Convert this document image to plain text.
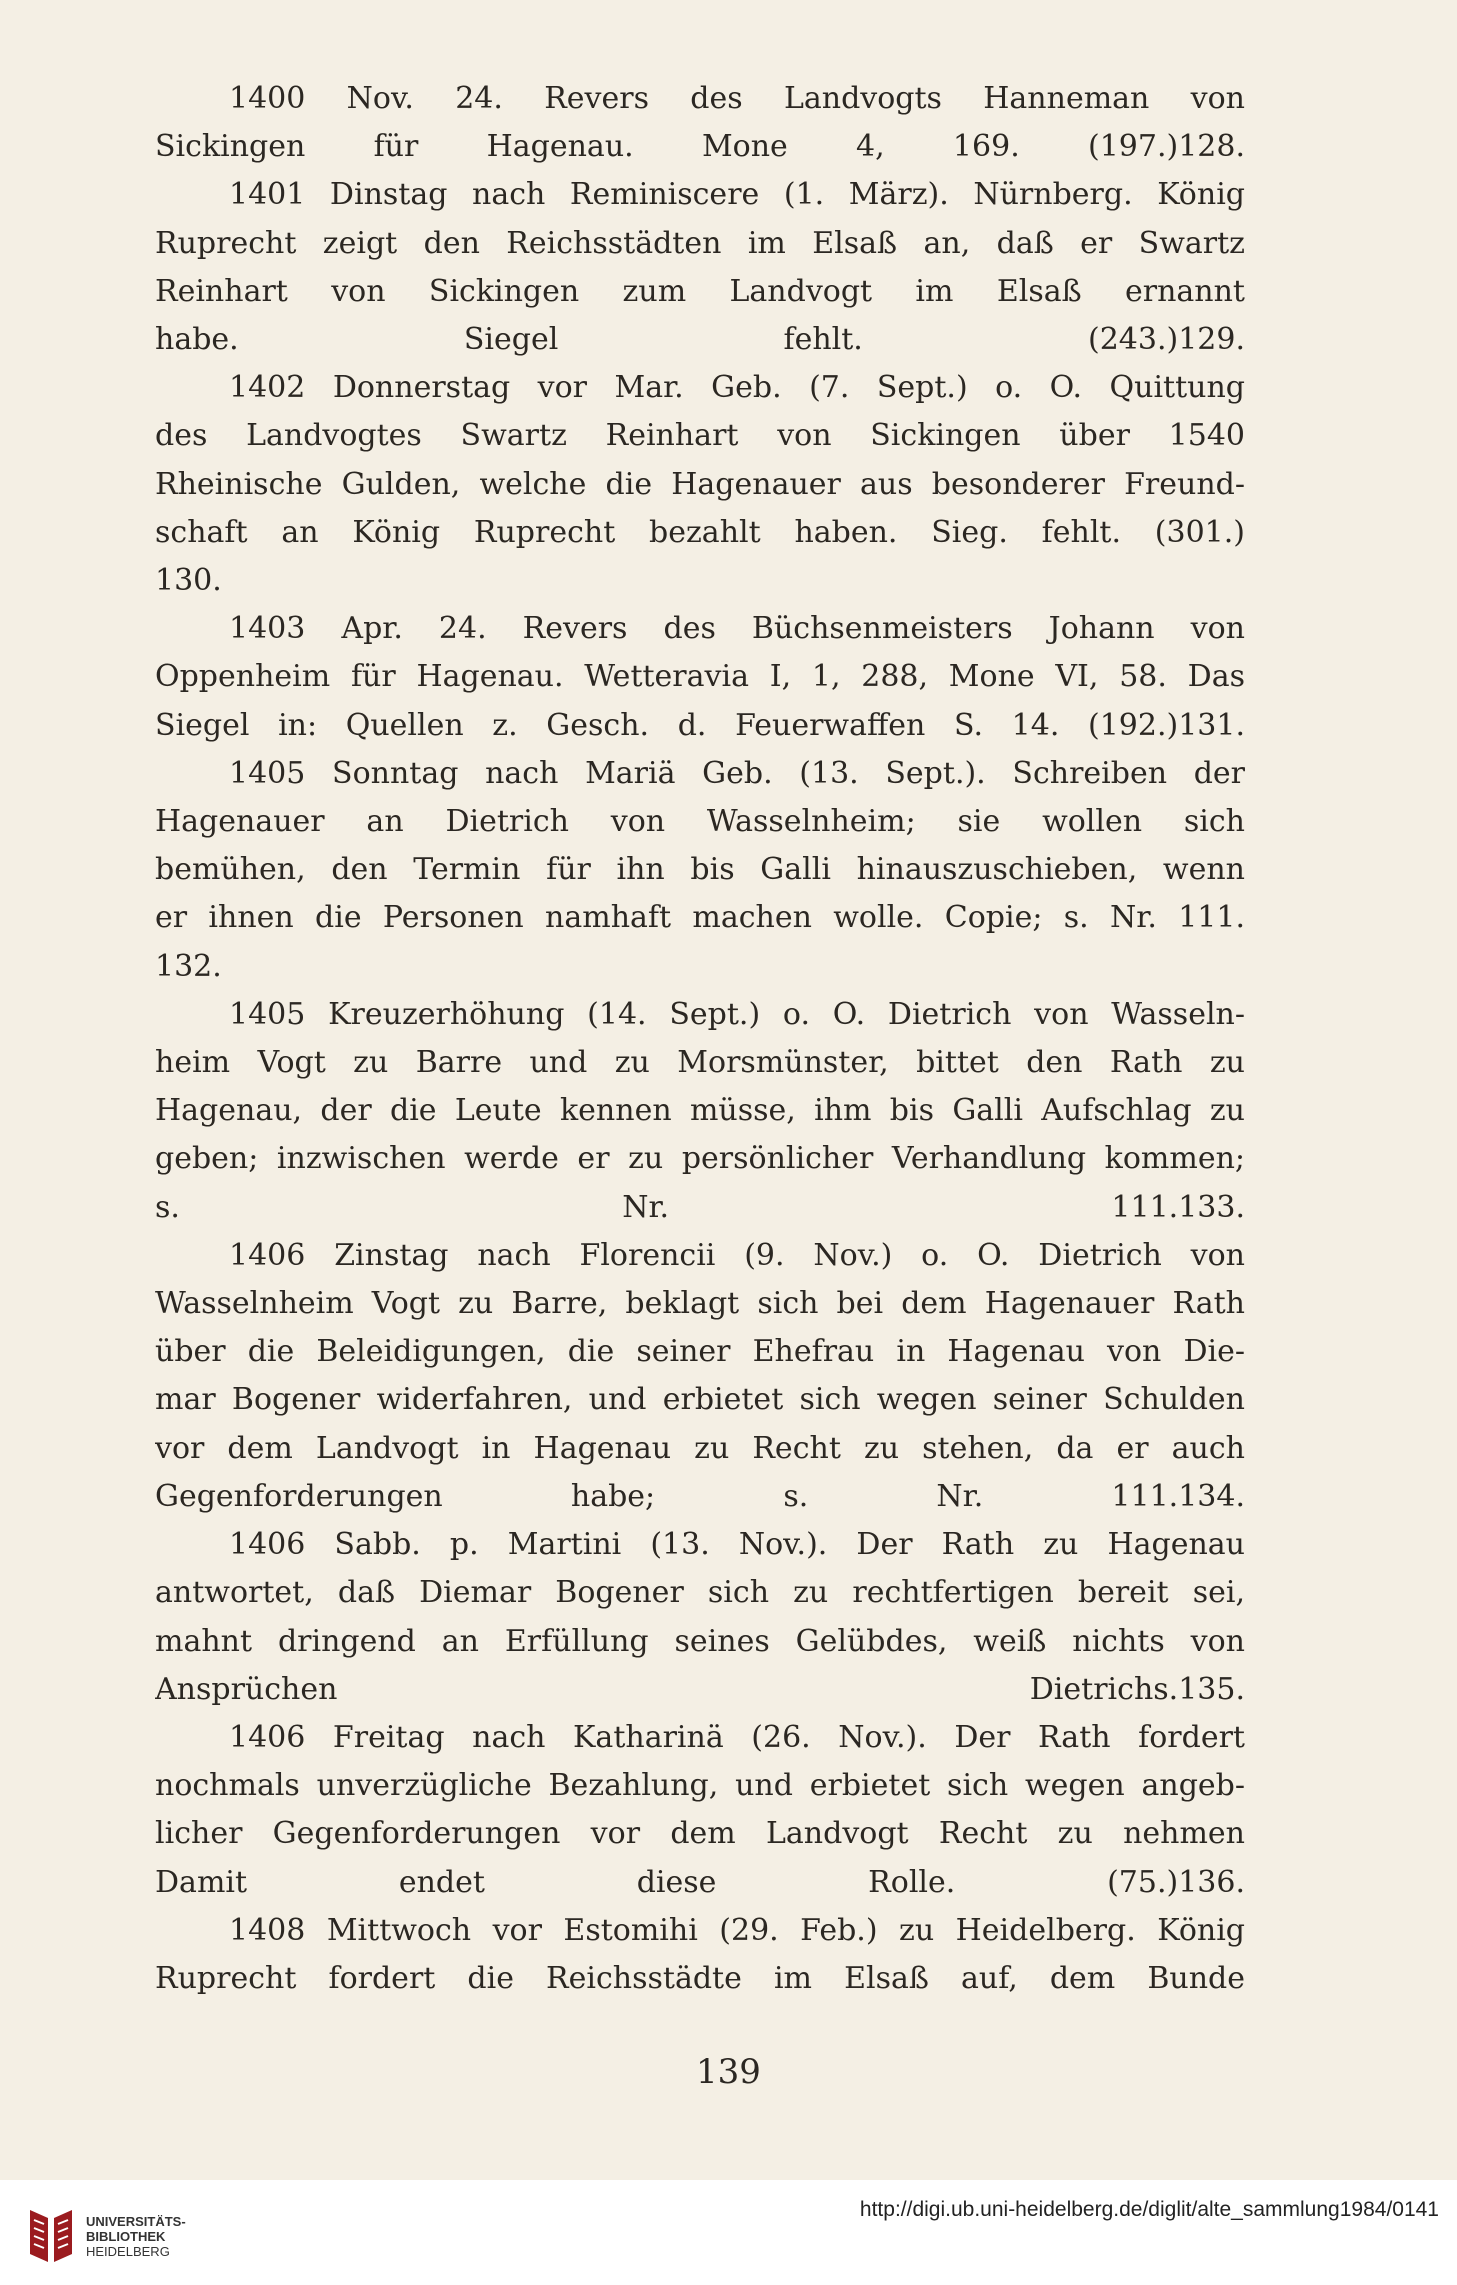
1400 Nov. 24. Revers des Landvogts Hanneman von
Sickingen für Hagenau. Mone 4, 169. (197.) 128.
1401 Dinstag nach Reminiscere (1. März). Nürnberg. König
Ruprecht zeigt den Reichsstädten im Elsaß an, daß er Swartz
Reinhart von Sickingen zum Landvogt im Elsaß ernannt
habe. Siegel fehlt. (243.) 129.
1402 Donnerstag vor Mar. Geb. (7. Sept.) o. O. Quittung
des Landvogtes Swartz Reinhart von Sickingen über 1540
Rheinische Gulden, welche die Hagenauer aus besonderer Freund-
schaft an König Ruprecht bezahlt haben. Sieg. fehlt. (301.)
130.
1403 Apr. 24. Revers des Büchsenmeisters Johann von
Oppenheim für Hagenau. Wetteravia I, 1, 288, Mone VI, 58. Das
Siegel in: Quellen z. Gesch. d. Feuerwaffen S. 14. (192.) 131.
1405 Sonntag nach Mariä Geb. (13. Sept.). Schreiben der
Hagenauer an Dietrich von Wasselnheim; sie wollen sich
bemühen, den Termin für ihn bis Galli hinauszuschieben, wenn
er ihnen die Personen namhaft machen wolle. Copie; s. Nr. 111.
132.
1405 Kreuzerhöhung (14. Sept.) o. O. Dietrich von Wasseln-
heim Vogt zu Barre und zu Morsmünster, bittet den Rath zu
Hagenau, der die Leute kennen müsse, ihm bis Galli Aufschlag zu
geben; inzwischen werde er zu persönlicher Verhandlung kommen;
s. Nr. 111. 133.
1406 Zinstag nach Florencii (9. Nov.) o. O. Dietrich von
Wasselnheim Vogt zu Barre, beklagt sich bei dem Hagenauer Rath
über die Beleidigungen, die seiner Ehefrau in Hagenau von Die-
mar Bogener widerfahren, und erbietet sich wegen seiner Schulden
vor dem Landvogt in Hagenau zu Recht zu stehen, da er auch
Gegenforderungen habe; s. Nr. 111. 134.
1406 Sabb. p. Martini (13. Nov.). Der Rath zu Hagenau
antwortet, daß Diemar Bogener sich zu rechtfertigen bereit sei,
mahnt dringend an Erfüllung seines Gelübdes, weiß nichts von
Ansprüchen Dietrichs. 135.
1406 Freitag nach Katharinä (26. Nov.). Der Rath fordert
nochmals unverzügliche Bezahlung, und erbietet sich wegen angeb-
licher Gegenforderungen vor dem Landvogt Recht zu nehmen
Damit endet diese Rolle. (75.) 136.
1408 Mittwoch vor Estomihi (29. Feb.) zu Heidelberg. König
Ruprecht fordert die Reichsstädte im Elsaß auf, dem Bunde
139
UNIVERSITÄTS-
BIBLIOTHEK
HEIDELBERG
http://digi.ub.uni-heidelberg.de/diglit/alte_sammlung1984/0141
